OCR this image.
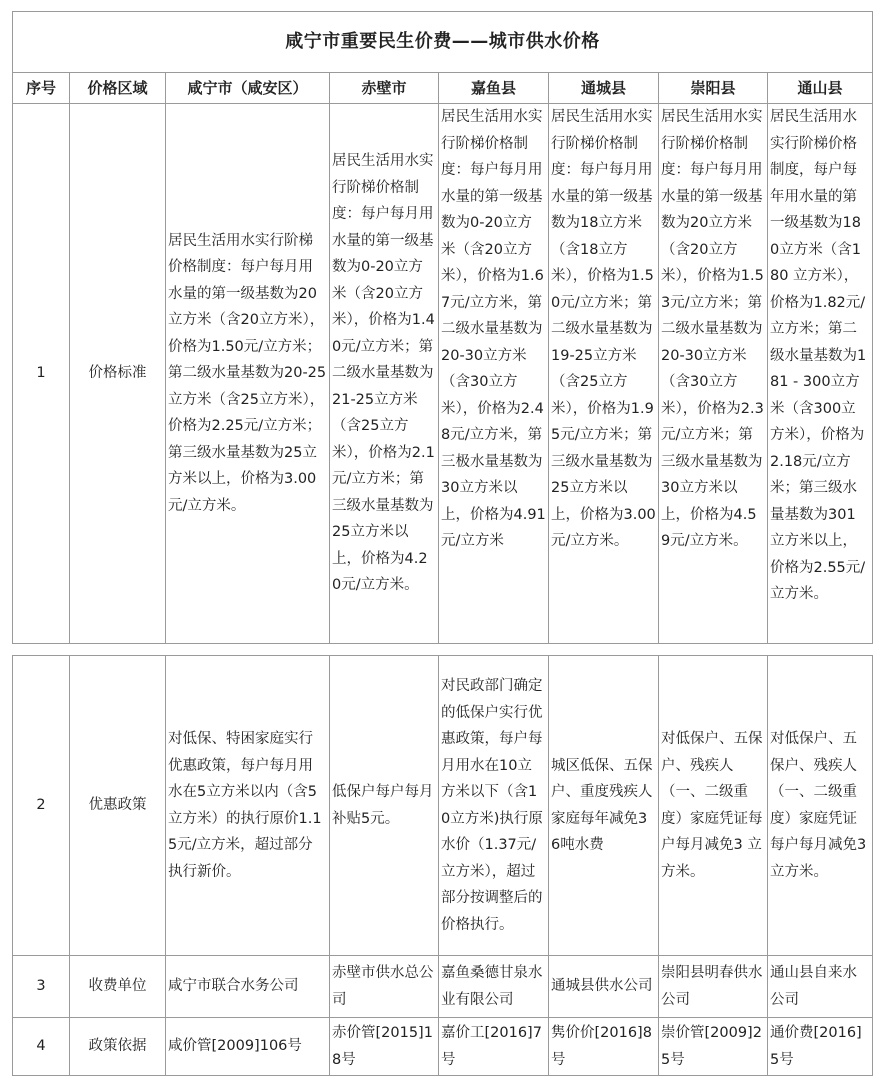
咸宁市重要民生价费——城市供水价格							
序号	价格区域	咸宁市（咸安区）	赤壁市	嘉鱼县	通城县	崇阳县	通山县
1	价格标准	居民生活用水实行阶梯价格制度：每户每月用水量的第一级基数为20立方米（含20立方米），价格为1.50元/立方米；第二级水量基数为20-25立方米（含25立方米），价格为2.25元/立方米；第三级水量基数为25立方米以上，价格为3.00元/立方米。	居民生活用水实行阶梯价格制度：每户每月用水量的第一级基数为0-20立方米（含20立方米），价格为1.40元/立方米；第二级水量基数为21-25立方米（含25立方米），价格为2.1元/立方米；第三级水量基数为25立方米以上，价格为4.20元/立方米。	居民生活用水实行阶梯价格制度：每户每月用水量的第一级基数为0-20立方米（含20立方米），价格为1.67元/立方米，第二级水量基数为20-30立方米（含30立方米），价格为2.48元/立方米，第三极水量基数为30立方米以上，价格为4.91元/立方米	居民生活用水实行阶梯价格制度：每户每月用水量的第一级基数为18立方米（含18立方米），价格为1.50元/立方米；第二级水量基数为19-25立方米（含25立方米），价格为1.95元/立方米；第三级水量基数为25立方米以上，价格为3.00元/立方米。	居民生活用水实行阶梯价格制度：每户每月用水量的第一级基数为20立方米（含20立方米），价格为1.53元/立方米；第二级水量基数为20-30立方米（含30立方米），价格为2.3元/立方米；第三级水量基数为30立方米以上，价格为4.59元/立方米。	居民生活用水实行阶梯价格制度，每户每年用水量的第一级基数为180立方米（含180 立方米），价格为1.82元/ 立方米；第二级水量基数为181 - 300立方米（含300立方米），价格为2.18元/立方米；第三级水量基数为301立方米以上，价格为2.55元/立方米。

2	优惠政策	对低保、特困家庭实行优惠政策，每户每月用水在5立方米以内（含5立方米）的执行原价1.15元/立方米，超过部分执行新价。	低保户每户每月补贴5元。	对民政部门确定的低保户实行优惠政策，每户每月用水在10立方米以下（含10立方米)执行原水价（1.37元/立方米），超过部分按调整后的价格执行。	城区低保、五保户、重度残疾人家庭每年减免36吨水费	对低保户、五保户、残疾人（一、二级重度）家庭凭证每户每月减免3 立方米。	对低保户、五保户、残疾人（一、二级重度）家庭凭证每户每月减免3 立方米。
3	收费单位	咸宁市联合水务公司	赤壁市供水总公司	嘉鱼桑德甘泉水业有限公司	通城县供水公司	崇阳县明春供水公司	通山县自来水公司
4	政策依据	咸价管[2009]106号	赤价管[2015]18号	嘉价工[2016]7号	隽价价[2016]8号	崇价管[2009]25号	通价费[2016]5号
